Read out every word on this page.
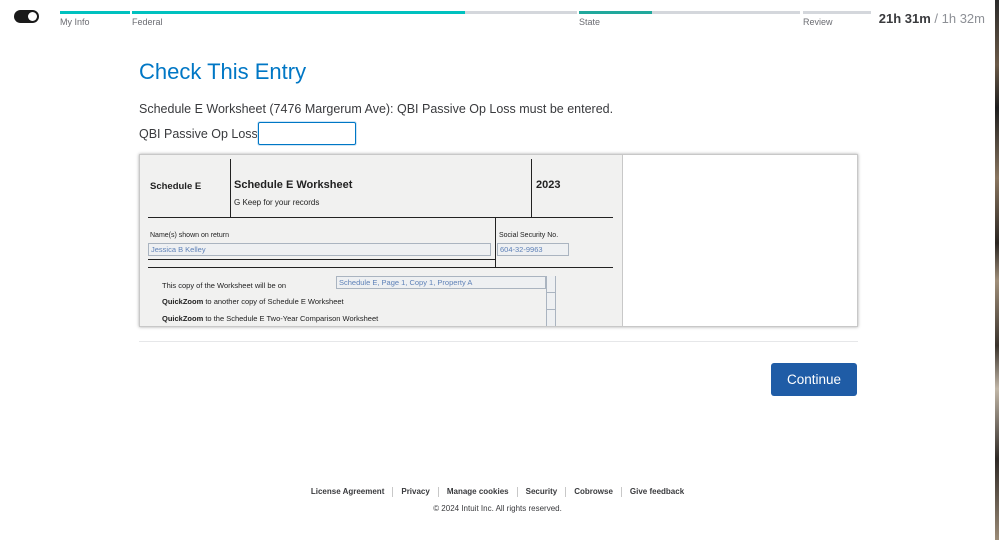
My Info	Federal	State	Review	21h 31m / 1h 32m
Check This Entry

Schedule E Worksheet (7476 Margerum Ave): QBI Passive Op Loss must be entered.

QBI Passive Op Loss
Schedule E	Schedule E Worksheet
G Keep for your records
2023
Name(s) shown on return	Social Security No.
Jessica B Kelley	604-32-9963
This copy of the Worksheet will be on	Schedule E, Page 1, Copy 1, Property A
QuickZoom to another copy of Schedule E Worksheet
QuickZoom to the Schedule E Two-Year Comparison Worksheet
Continue
License Agreement	Privacy	Manage cookies	Security	Cobrowse	Give feedback
© 2024 Intuit Inc. All rights reserved.
